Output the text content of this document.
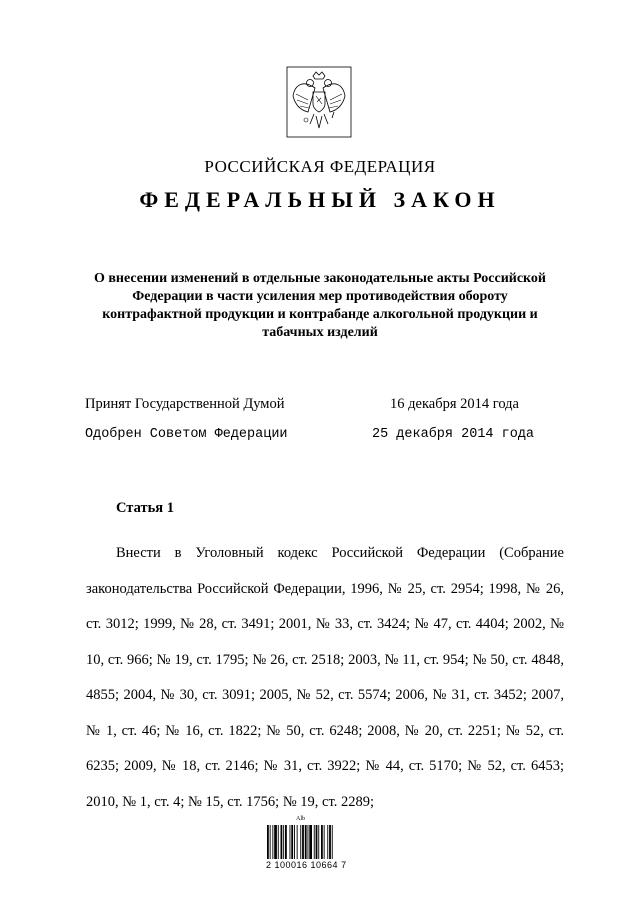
РОССИЙСКАЯ ФЕДЕРАЦИЯ
ФЕДЕРАЛЬНЫЙ ЗАКОН
О внесении изменений в отдельные законодательные акты Российской Федерации в части усиления мер противодействия обороту контрафактной продукции и контрабанде алкогольной продукции и табачных изделий
Принят Государственной Думой	16 декабря 2014 года
Одобрен Советом Федерации	25 декабря 2014 года
Статья 1

Внести в Уголовный кодекс Российской Федерации (Собрание законодательства Российской Федерации, 1996, № 25, ст. 2954; 1998, № 26, ст. 3012; 1999, № 28, ст. 3491; 2001, № 33, ст. 3424; № 47, ст. 4404; 2002, № 10, ст. 966; № 19, ст. 1795; № 26, ст. 2518; 2003, № 11, ст. 954; № 50, ст. 4848, 4855; 2004, № 30, ст. 3091; 2005, № 52, ст. 5574; 2006, № 31, ст. 3452; 2007, № 1, ст. 46; № 16, ст. 1822; № 50, ст. 6248; 2008, № 20, ст. 2251; № 52, ст. 6235; 2009, № 18, ст. 2146; № 31, ст. 3922; № 44, ст. 5170; № 52, ст. 6453; 2010, № 1, ст. 4; № 15, ст. 1756; № 19, ст. 2289;

Alb
2 100016 10664 7
